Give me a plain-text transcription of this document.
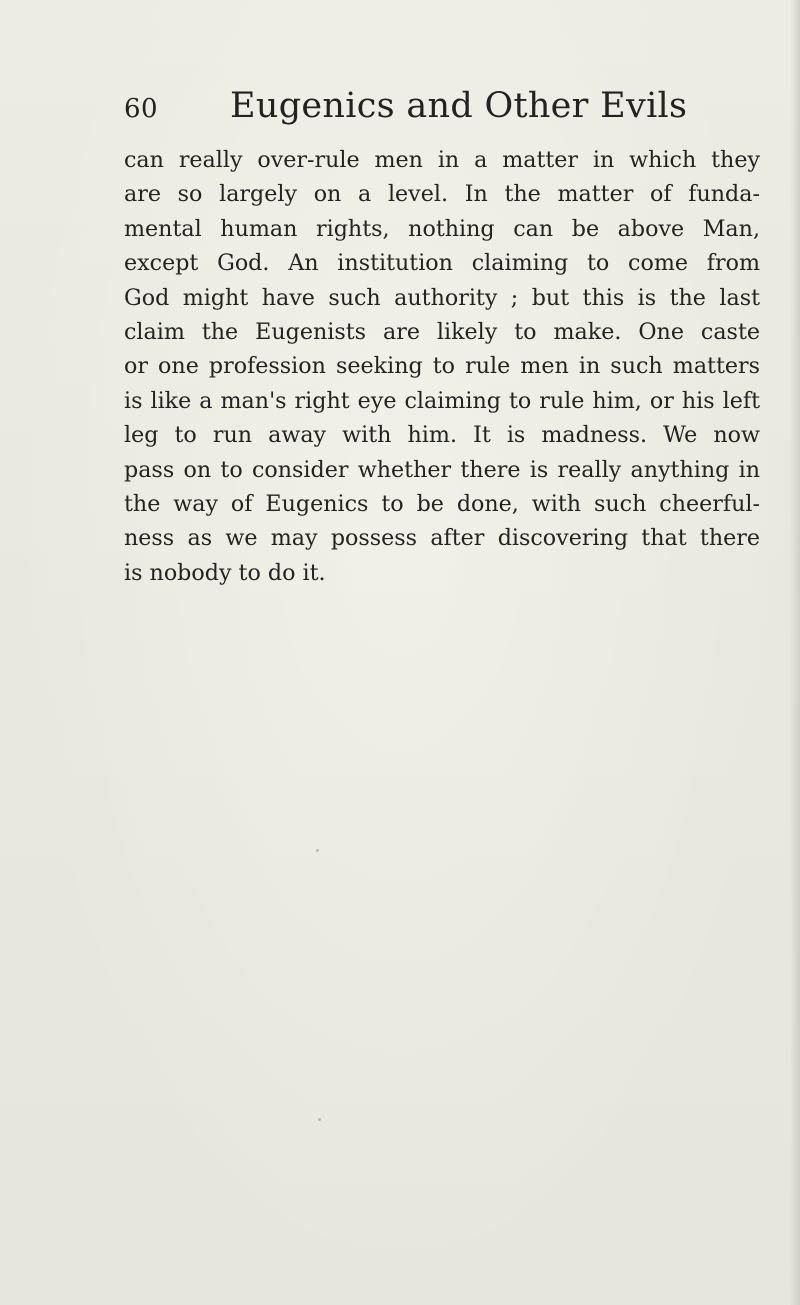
60 Eugenics and Other Evils
can really over-rule men in a matter in which they
are so largely on a level. In the matter of funda-
mental human rights, nothing can be above Man,
except God. An institution claiming to come from
God might have such authority ; but this is the last
claim the Eugenists are likely to make. One caste
or one profession seeking to rule men in such matters
is like a man's right eye claiming to rule him, or his left
leg to run away with him. It is madness. We now
pass on to consider whether there is really anything in
the way of Eugenics to be done, with such cheerful-
ness as we may possess after discovering that there
is nobody to do it.
